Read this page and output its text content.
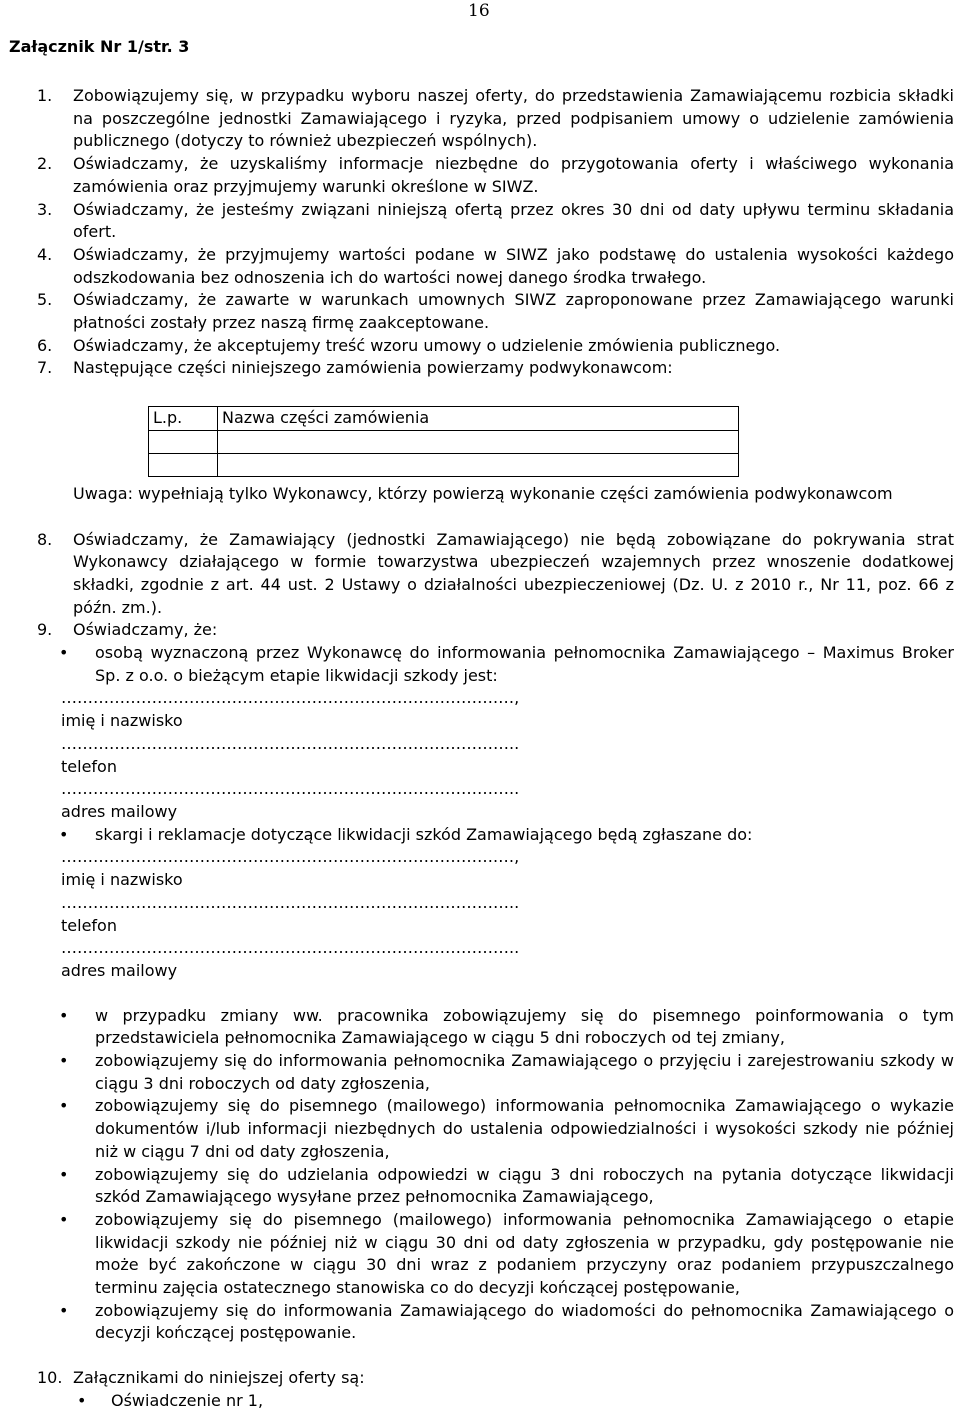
16
Załącznik Nr 1/str. 3
1.	Zobowiązujemy się, w przypadku wyboru naszej oferty, do przedstawienia Zamawiającemu rozbicia składki na poszczególne jednostki Zamawiającego i ryzyka, przed podpisaniem umowy o udzielenie zamówienia publicznego (dotyczy to również ubezpieczeń wspólnych).
2.	Oświadczamy, że uzyskaliśmy informacje niezbędne do przygotowania oferty i właściwego wykonania zamówienia oraz przyjmujemy warunki określone w SIWZ.
3.	Oświadczamy, że jesteśmy związani niniejszą ofertą przez okres 30 dni od daty upływu terminu składania ofert.
4.	Oświadczamy, że przyjmujemy wartości podane w SIWZ jako podstawę do ustalenia wysokości każdego odszkodowania bez odnoszenia ich do wartości nowej danego środka trwałego.
5.	Oświadczamy, że zawarte w warunkach umownych SIWZ zaproponowane przez Zamawiającego warunki płatności zostały przez naszą firmę zaakceptowane.
6.	Oświadczamy, że akceptujemy treść wzoru umowy o udzielenie zmówienia publicznego.
7.	Następujące części niniejszego zamówienia powierzamy podwykonawcom:
L.p.	Nazwa części zamówienia

Uwaga: wypełniają tylko Wykonawcy, którzy powierzą wykonanie części zamówienia podwykonawcom
8.	Oświadczamy, że Zamawiający (jednostki Zamawiającego) nie będą zobowiązane do pokrywania strat Wykonawcy działającego w formie towarzystwa ubezpieczeń wzajemnych przez wnoszenie dodatkowej składki, zgodnie z art. 44 ust. 2 Ustawy o działalności ubezpieczeniowej (Dz. U. z 2010 r., Nr 11, poz. 66 z późn. zm.).
9.	Oświadczamy, że:
•	osobą wyznaczoną przez Wykonawcę do informowania pełnomocnika Zamawiającego – Maximus Broker Sp. z o.o. o bieżącym etapie likwidacji szkody jest:
……………………………………………………………………….…,
imię i nazwisko
…………………………………………………………………………..
telefon
…………………………………………………………………………..
adres mailowy
•	skargi i reklamacje dotyczące likwidacji szkód Zamawiającego będą zgłaszane do:
……………………………………………………………………….…,
imię i nazwisko
…………………………………………………………………………..
telefon
…………………………………………………………………………..
adres mailowy
•	w przypadku zmiany ww. pracownika zobowiązujemy się do pisemnego poinformowania o tym przedstawiciela pełnomocnika Zamawiającego w ciągu 5 dni roboczych od tej zmiany,
•	zobowiązujemy się do informowania pełnomocnika Zamawiającego o przyjęciu i zarejestrowaniu szkody w ciągu 3 dni roboczych od daty zgłoszenia,
•	zobowiązujemy się do pisemnego (mailowego) informowania pełnomocnika Zamawiającego o wykazie dokumentów i/lub informacji niezbędnych do ustalenia odpowiedzialności i wysokości szkody nie później niż w ciągu 7 dni od daty zgłoszenia,
•	zobowiązujemy się do udzielania odpowiedzi w ciągu 3 dni roboczych na pytania dotyczące likwidacji szkód Zamawiającego wysyłane przez pełnomocnika Zamawiającego,
•	zobowiązujemy się do pisemnego (mailowego) informowania pełnomocnika Zamawiającego o etapie likwidacji szkody nie później niż w ciągu 30 dni od daty zgłoszenia w przypadku, gdy postępowanie nie może być zakończone w ciągu 30 dni wraz z podaniem przyczyny oraz podaniem przypuszczalnego terminu zajęcia ostatecznego stanowiska co do decyzji kończącej postępowanie,
•	zobowiązujemy się do informowania Zamawiającego do wiadomości do pełnomocnika Zamawiającego o decyzji kończącej postępowanie.
10. Załącznikami do niniejszej oferty są:
•	Oświadczenie nr 1,
